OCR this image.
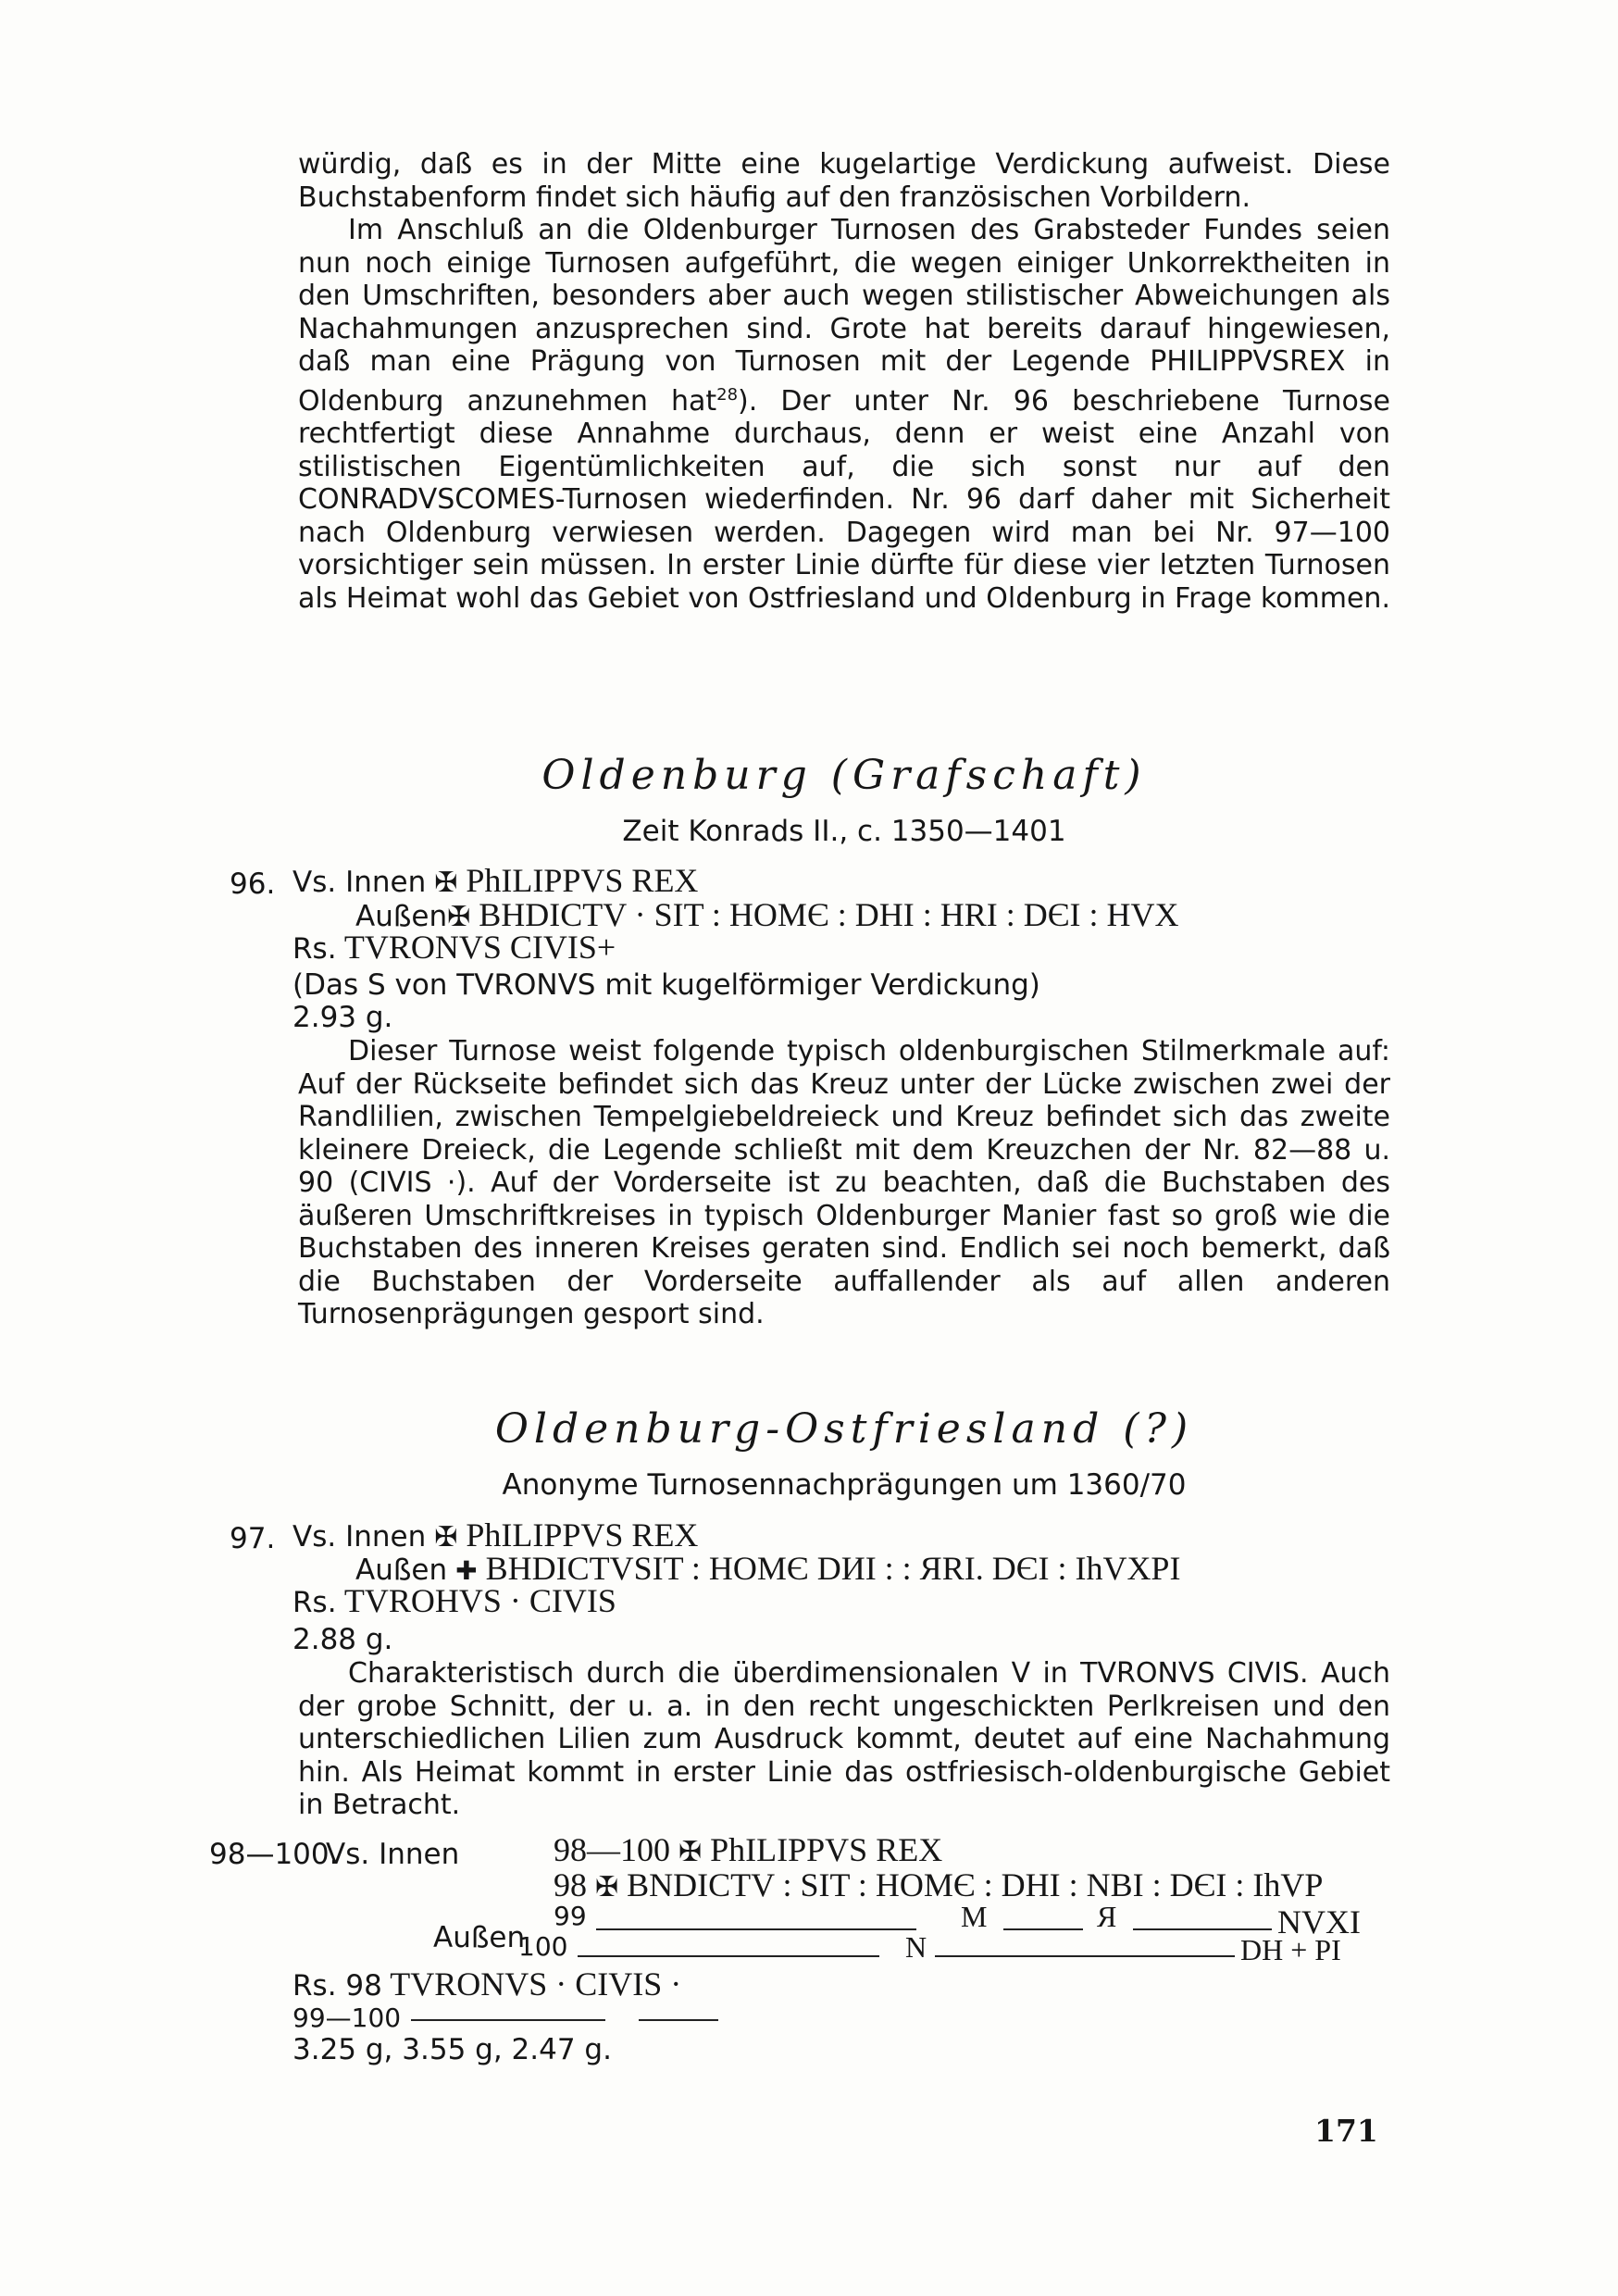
würdig, daß es in der Mitte eine kugelartige Verdickung aufweist. Diese Buchstabenform findet sich häufig auf den französischen Vorbildern.

Im Anschluß an die Oldenburger Turnosen des Grabsteder Fundes seien nun noch einige Turnosen aufgeführt, die wegen einiger Unkorrektheiten in den Umschriften, besonders aber auch wegen stilistischer Abweichungen als Nachahmungen anzusprechen sind. Grote hat bereits darauf hingewiesen, daß man eine Prägung von Turnosen mit der Legende PHILIPPVSREX in Oldenburg anzunehmen hat$^{28}$). Der unter Nr. 96 beschriebene Turnose rechtfertigt diese Annahme durchaus, denn er weist eine Anzahl von stilistischen Eigentümlichkeiten auf, die sich sonst nur auf den CONRADVSCOMES-Turnosen wiederfinden. Nr. 96 darf daher mit Sicherheit nach Oldenburg verwiesen werden. Dagegen wird man bei Nr. 97—100 vorsichtiger sein müssen. In erster Linie dürfte für diese vier letzten Turnosen als Heimat wohl das Gebiet von Ostfriesland und Oldenburg in Frage kommen.

Oldenburg (Grafschaft)
Zeit Konrads II., c. 1350—1401
96. Vs. Innen ✠ PhILIPPVS REX
Außen✠ BHDICTV · SIT : HOMЄ : DHI : HRI : DЄI : HVX
Rs. TVRONVS CIVIS+
(Das S von TVRONVS mit kugelförmiger Verdickung)
2.93 g.
Dieser Turnose weist folgende typisch oldenburgischen Stilmerkmale auf: Auf der Rückseite befindet sich das Kreuz unter der Lücke zwischen zwei der Randlilien, zwischen Tempelgiebeldreieck und Kreuz befindet sich das zweite kleinere Dreieck, die Legende schließt mit dem Kreuzchen der Nr. 82—88 u. 90 (CIVIS ·). Auf der Vorderseite ist zu beachten, daß die Buchstaben des äußeren Umschriftkreises in typisch Oldenburger Manier fast so groß wie die Buchstaben des inneren Kreises geraten sind. Endlich sei noch bemerkt, daß die Buchstaben der Vorderseite auffallender als auf allen anderen Turnosenprägungen gesport sind.
Oldenburg-Ostfriesland (?)
Anonyme Turnosennachprägungen um 1360/70
97. Vs. Innen ✠ PhILIPPVS REX
Außen ✚ BHDICTVSIT : HOMЄ DИI : : ЯRI. DЄI : IhVXPI
Rs. TVROHVS · CIVIS
2.88 g.
Charakteristisch durch die überdimensionalen V in TVRONVS CIVIS. Auch der grobe Schnitt, der u. a. in den recht ungeschickten Perlkreisen und den unterschiedlichen Lilien zum Ausdruck kommt, deutet auf eine Nachahmung hin. Als Heimat kommt in erster Linie das ostfriesisch-oldenburgische Gebiet in Betracht.
98—100.
Vs. Innen	98—100 ✠ PhILIPPVS REX
98 ✠ BNDICTV : SIT : HOMЄ : DHI : NBI : DЄI : IhVP
Außen
99	M	Я	NVXI
100	N	DH + PI
Rs. 98 TVRONVS · CIVIS ·
99—100
3.25 g, 3.55 g, 2.47 g.
171
